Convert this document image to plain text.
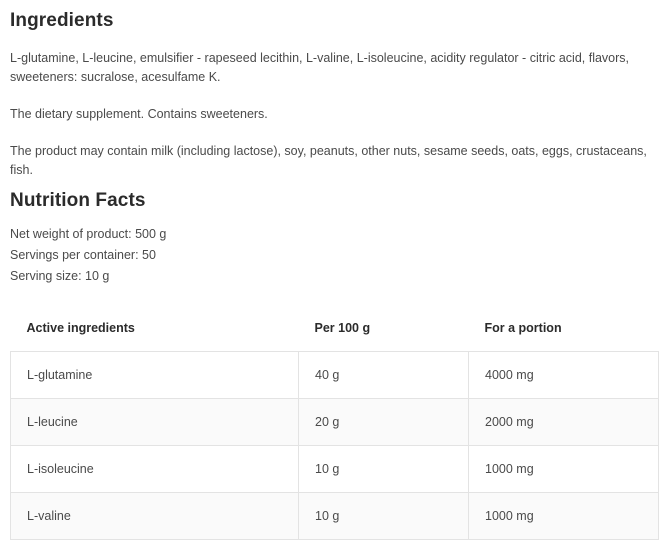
Ingredients

L-glutamine, L-leucine, emulsifier - rapeseed lecithin, L-valine, L-isoleucine, acidity regulator - citric acid, flavors, sweeteners: sucralose, acesulfame K.

The dietary supplement. Contains sweeteners.

The product may contain milk (including lactose), soy, peanuts, other nuts, sesame seeds, oats, eggs, crustaceans, fish.

Nutrition Facts
Net weight of product: 500 g
Servings per container: 50
Serving size: 10 g
Active ingredients	Per 100 g	For a portion
L-glutamine	40 g	4000 mg
L-leucine	20 g	2000 mg
L-isoleucine	10 g	1000 mg
L-valine	10 g	1000 mg
